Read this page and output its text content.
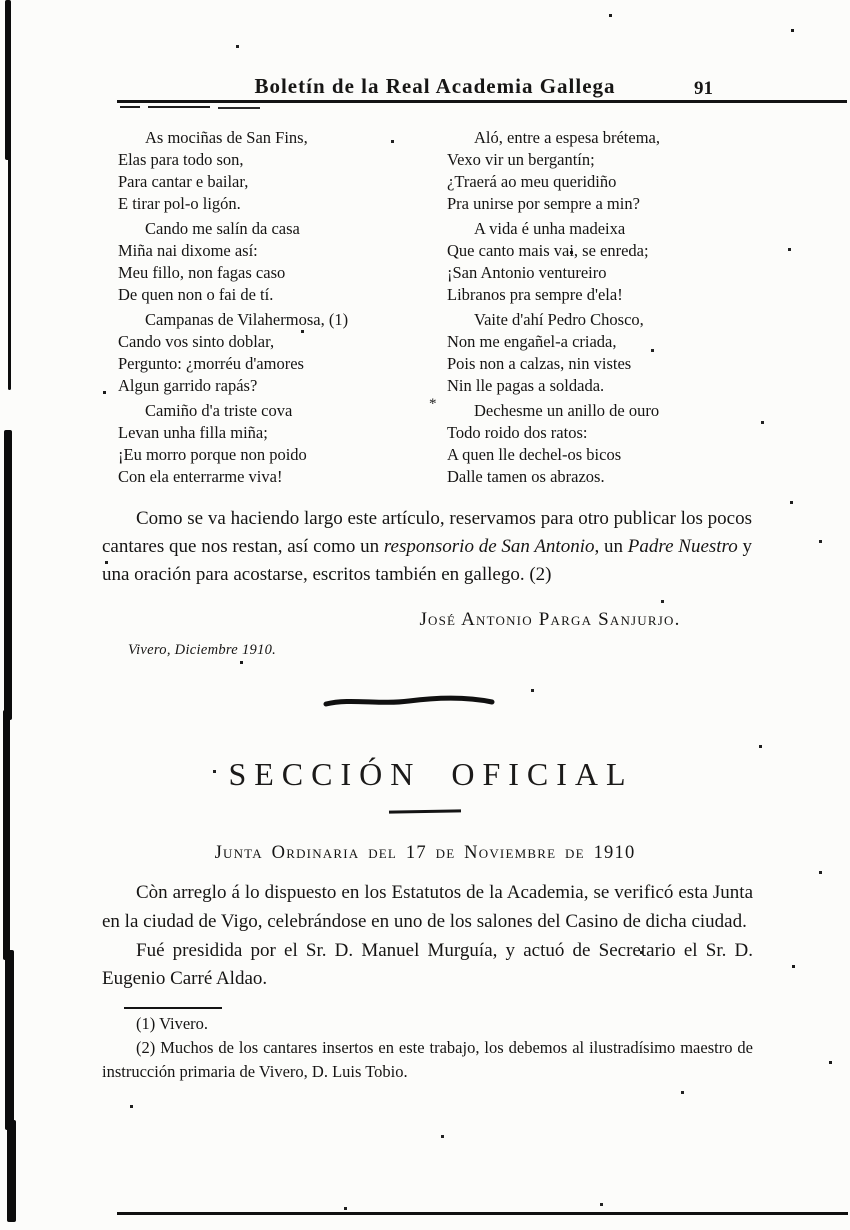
Boletín de la Real Academia Gallega	91
As mociñas de San Fins,
Elas para todo son,
Para cantar e bailar,
E tirar pol-o ligón.
Cando me salín da casa
Miña nai dixome así:
Meu fillo, non fagas caso
De quen non o fai de tí.
Campanas de Vilahermosa, (1)
Cando vos sinto doblar,
Pergunto: ¿morréu d'amores
Algun garrido rapás?
Camiño d'a triste cova
Levan unha filla miña;
¡Eu morro porque non poido
Con ela enterrarme viva!
Aló, entre a espesa brétema,
Vexo vir un bergantín;
¿Traerá ao meu queridiño
Pra unirse por sempre a min?
A vida é unha madeixa
Que canto mais vai, se enreda;
¡San Antonio ventureiro
Libranos pra sempre d'ela!
Vaite d'ahí Pedro Chosco,
Non me engañel-a criada,
Pois non a calzas, nin vistes
Nin lle pagas a soldada.
Dechesme un anillo de ouro
Todo roido dos ratos:
A quen lle dechel-os bicos
Dalle tamen os abrazos.
*

Como se va haciendo largo este artículo, reservamos para otro publicar los pocos cantares que nos restan, así como un responsorio de San Antonio, un Padre Nuestro y una oración para acostarse, escritos también en gallego. (2)

José Antonio Parga Sanjurjo.
Vivero, Diciembre 1910.
SECCIÓN OFICIAL
Junta Ordinaria del 17 de Noviembre de 1910

Còn arreglo á lo dispuesto en los Estatutos de la Academia, se verificó esta Junta en la ciudad de Vigo, celebrándose en uno de los salones del Casino de dicha ciudad.

Fué presidida por el Sr. D. Manuel Murguía, y actuó de Secretario el Sr. D. Eugenio Carré Aldao.

(1) Vivero.

(2) Muchos de los cantares insertos en este trabajo, los debemos al ilustradísimo maestro de instrucción primaria de Vivero, D. Luis Tobio.
